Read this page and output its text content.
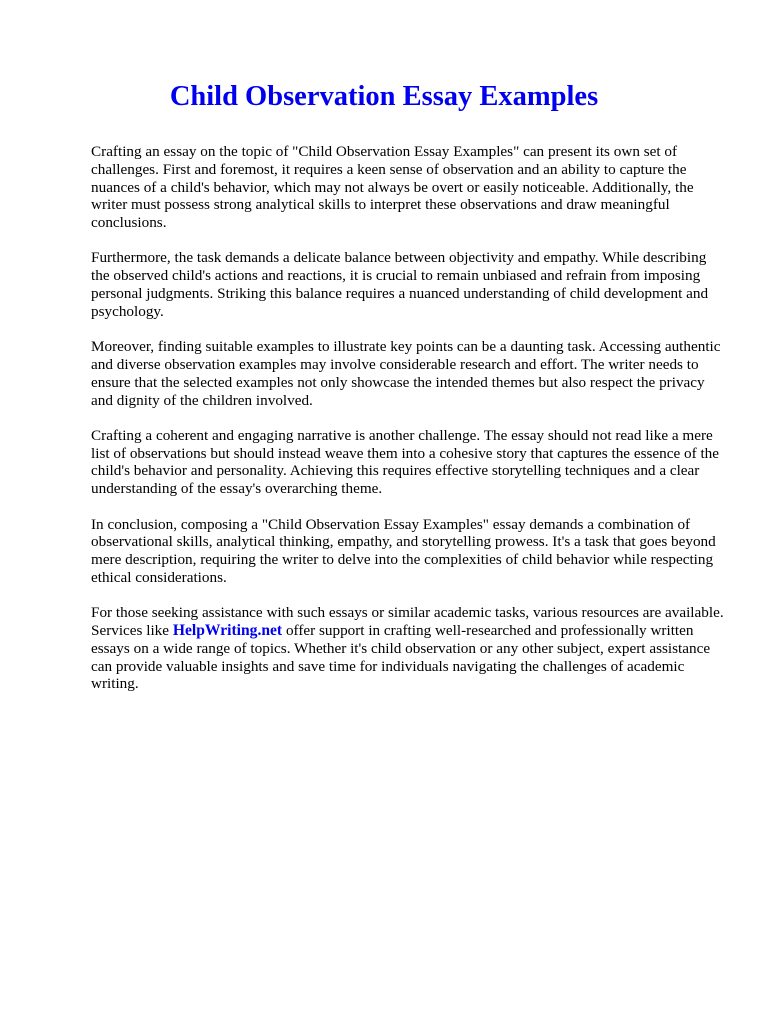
Child Observation Essay Examples

Crafting an essay on the topic of "Child Observation Essay Examples" can present its own set of challenges. First and foremost, it requires a keen sense of observation and an ability to capture the nuances of a child's behavior, which may not always be overt or easily noticeable. Additionally, the writer must possess strong analytical skills to interpret these observations and draw meaningful conclusions.

Furthermore, the task demands a delicate balance between objectivity and empathy. While describing the observed child's actions and reactions, it is crucial to remain unbiased and refrain from imposing personal judgments. Striking this balance requires a nuanced understanding of child development and psychology.

Moreover, finding suitable examples to illustrate key points can be a daunting task. Accessing authentic and diverse observation examples may involve considerable research and effort. The writer needs to ensure that the selected examples not only showcase the intended themes but also respect the privacy and dignity of the children involved.

Crafting a coherent and engaging narrative is another challenge. The essay should not read like a mere list of observations but should instead weave them into a cohesive story that captures the essence of the child's behavior and personality. Achieving this requires effective storytelling techniques and a clear understanding of the essay's overarching theme.

In conclusion, composing a "Child Observation Essay Examples" essay demands a combination of observational skills, analytical thinking, empathy, and storytelling prowess. It's a task that goes beyond mere description, requiring the writer to delve into the complexities of child behavior while respecting ethical considerations.

For those seeking assistance with such essays or similar academic tasks, various resources are available. Services like HelpWriting.net offer support in crafting well-researched and professionally written essays on a wide range of topics. Whether it's child observation or any other subject, expert assistance can provide valuable insights and save time for individuals navigating the challenges of academic writing.
